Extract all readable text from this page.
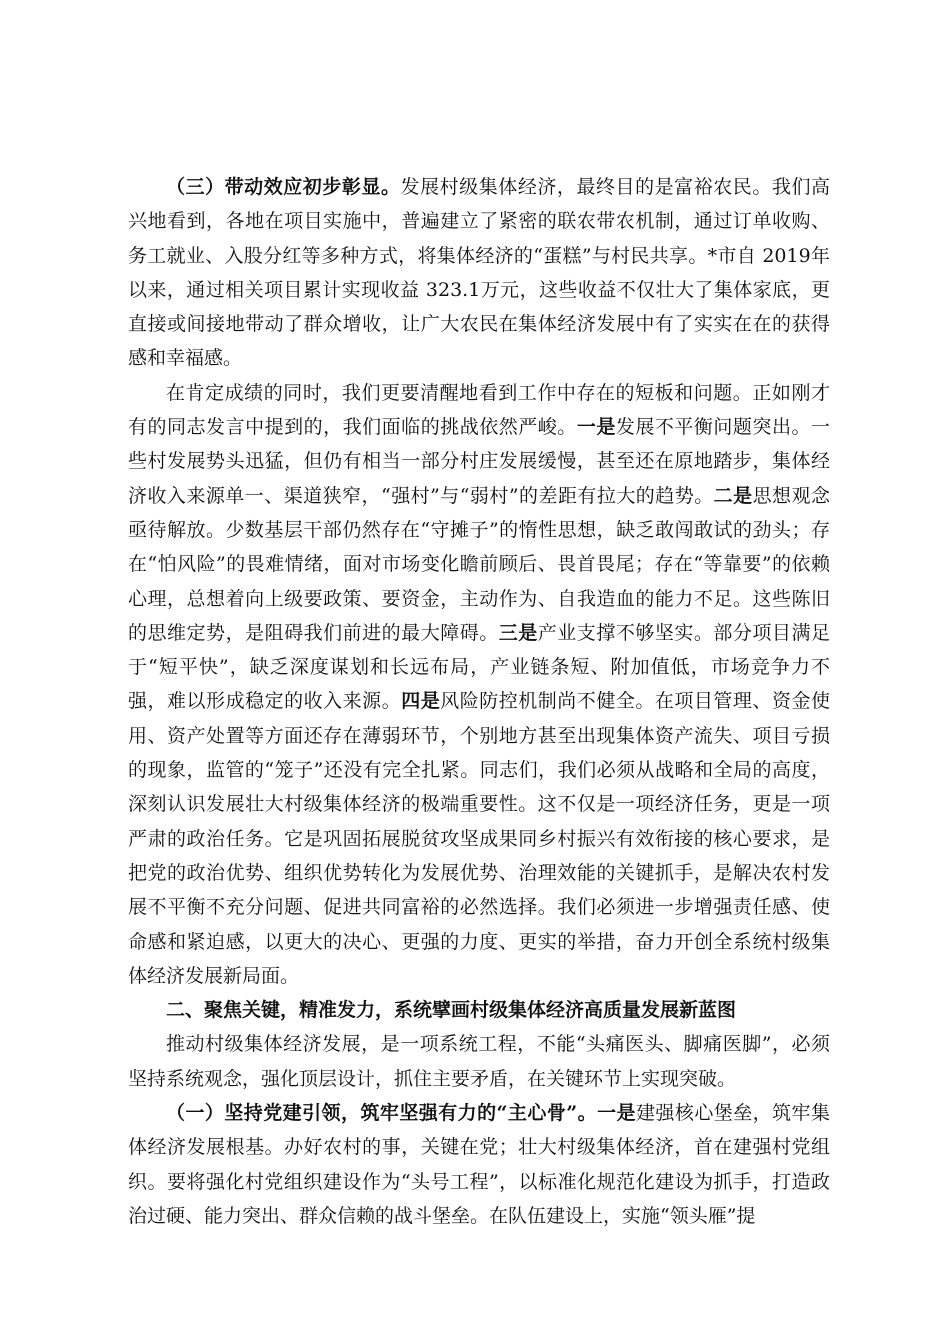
（三）带动效应初步彰显。发展村级集体经济，最终目的是富裕农民。我们高兴地看到，各地在项目实施中，普遍建立了紧密的联农带农机制，通过订单收购、务工就业、入股分红等多种方式，将集体经济的“蛋糕”与村民共享。*市自 2019年以来，通过相关项目累计实现收益 323.1万元，这些收益不仅壮大了集体家底，更直接或间接地带动了群众增收，让广大农民在集体经济发展中有了实实在在的获得感和幸福感。

在肯定成绩的同时，我们更要清醒地看到工作中存在的短板和问题。正如刚才有的同志发言中提到的，我们面临的挑战依然严峻。一是发展不平衡问题突出。一些村发展势头迅猛，但仍有相当一部分村庄发展缓慢，甚至还在原地踏步，集体经济收入来源单一、渠道狭窄，“强村”与“弱村”的差距有拉大的趋势。二是思想观念亟待解放。少数基层干部仍然存在“守摊子”的惰性思想，缺乏敢闯敢试的劲头；存在“怕风险”的畏难情绪，面对市场变化瞻前顾后、畏首畏尾；存在“等靠要”的依赖心理，总想着向上级要政策、要资金，主动作为、自我造血的能力不足。这些陈旧的思维定势，是阻碍我们前进的最大障碍。三是产业支撑不够坚实。部分项目满足于“短平快”，缺乏深度谋划和长远布局，产业链条短、附加值低，市场竞争力不强，难以形成稳定的收入来源。四是风险防控机制尚不健全。在项目管理、资金使用、资产处置等方面还存在薄弱环节，个别地方甚至出现集体资产流失、项目亏损的现象，监管的“笼子”还没有完全扎紧。同志们，我们必须从战略和全局的高度，深刻认识发展壮大村级集体经济的极端重要性。这不仅是一项经济任务，更是一项严肃的政治任务。它是巩固拓展脱贫攻坚成果同乡村振兴有效衔接的核心要求，是把党的政治优势、组织优势转化为发展优势、治理效能的关键抓手，是解决农村发展不平衡不充分问题、促进共同富裕的必然选择。我们必须进一步增强责任感、使命感和紧迫感，以更大的决心、更强的力度、更实的举措，奋力开创全系统村级集体经济发展新局面。

二、聚焦关键，精准发力，系统擘画村级集体经济高质量发展新蓝图

推动村级集体经济发展，是一项系统工程，不能“头痛医头、脚痛医脚”，必须坚持系统观念，强化顶层设计，抓住主要矛盾，在关键环节上实现突破。

（一）坚持党建引领，筑牢坚强有力的“主心骨”。一是建强核心堡垒，筑牢集体经济发展根基。办好农村的事，关键在党；壮大村级集体经济，首在建强村党组织。要将强化村党组织建设作为“头号工程”，以标准化规范化建设为抓手，打造政治过硬、能力突出、群众信赖的战斗堡垒。在队伍建设上，实施“领头雁”提
